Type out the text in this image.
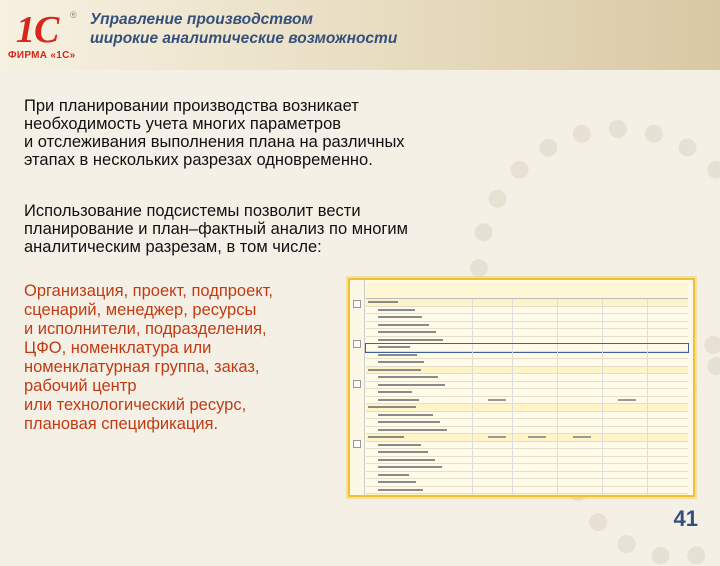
1С ®
ФИРМА «1С»
Управление производством
широкие аналитические возможности
При планировании производства возникает
необходимость учета многих параметров
и отслеживания выполнения плана на различных
этапах в нескольких разрезах одновременно.
Использование подсистемы позволит вести
планирование и план–фактный анализ по многим
аналитическим разрезам, в том числе:
Организация, проект, подпроект,
сценарий, менеджер, ресурсы
и исполнители, подразделения,
ЦФО, номенклатура или
номенклатурная группа, заказ,
рабочий центр
или технологический ресурс,
плановая спецификация.
41
